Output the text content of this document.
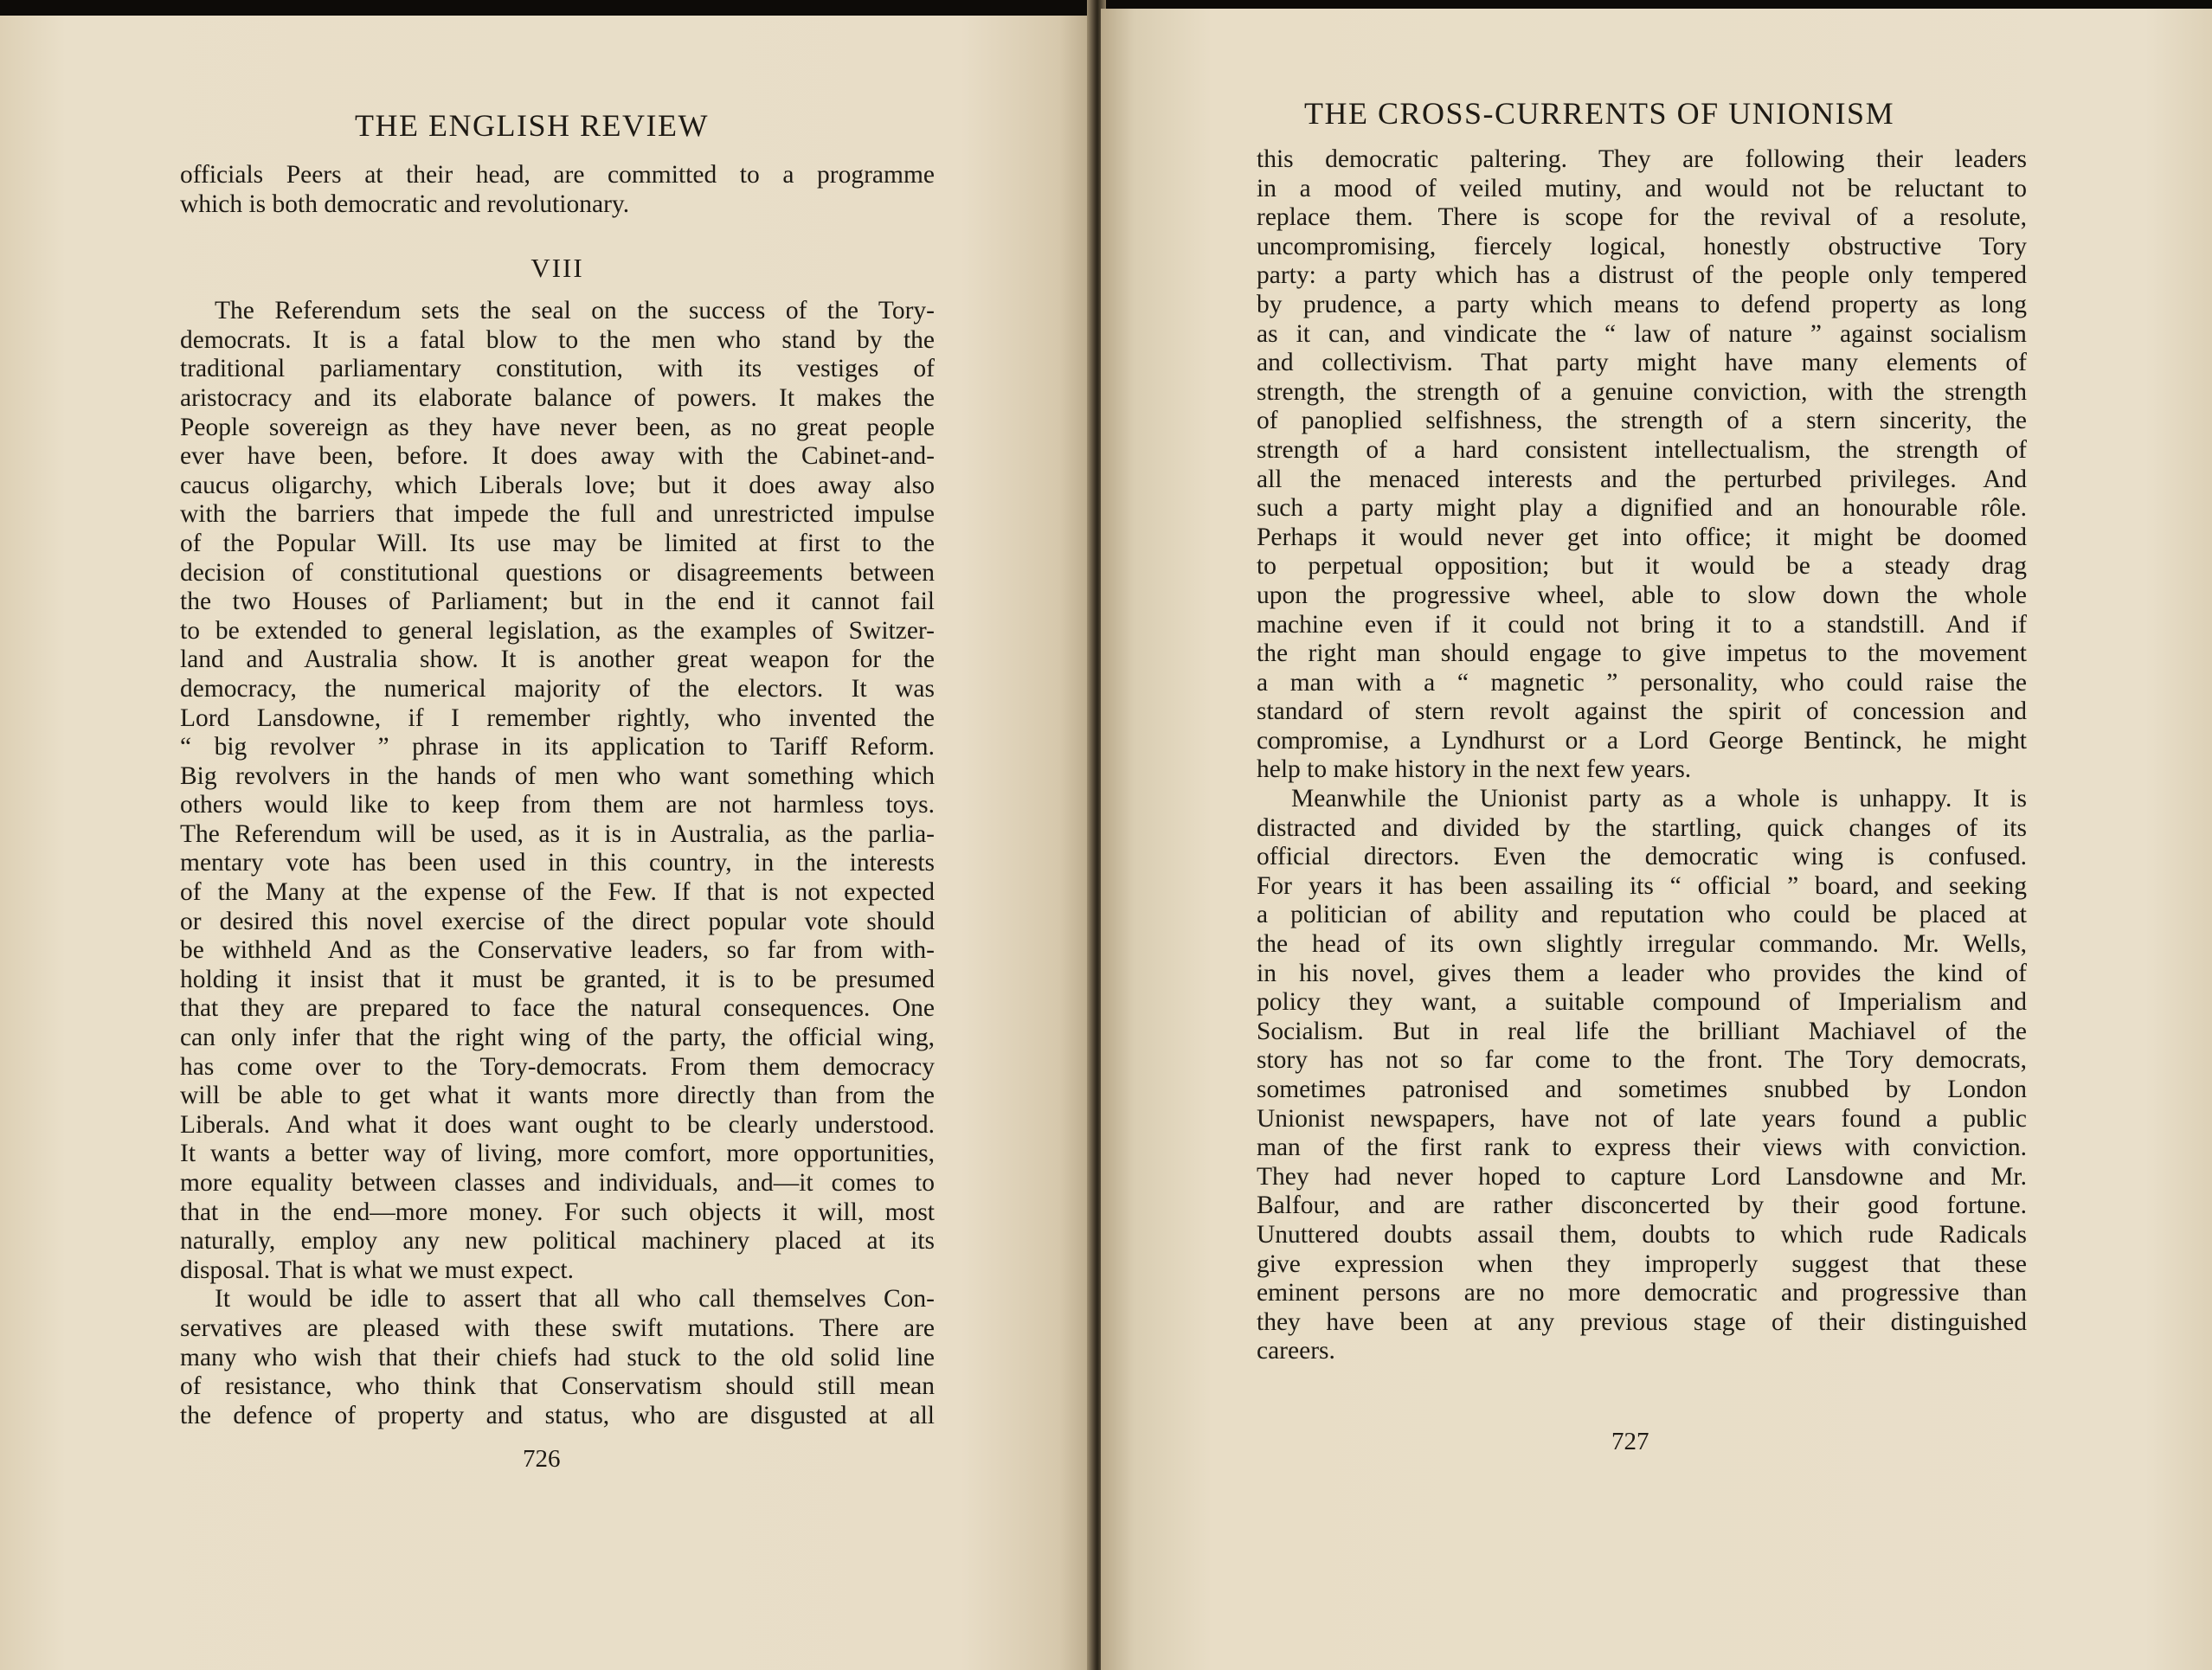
THE ENGLISH REVIEW
officials Peers at their head, are committed to a programme
which is both democratic and revolutionary.
VIII
The Referendum sets the seal on the success of the Tory-
democrats. It is a fatal blow to the men who stand by the
traditional parliamentary constitution, with its vestiges of
aristocracy and its elaborate balance of powers. It makes the
People sovereign as they have never been, as no great people
ever have been, before. It does away with the Cabinet-and-
caucus oligarchy, which Liberals love; but it does away also
with the barriers that impede the full and unrestricted impulse
of the Popular Will. Its use may be limited at first to the
decision of constitutional questions or disagreements between
the two Houses of Parliament; but in the end it cannot fail
to be extended to general legislation, as the examples of Switzer-
land and Australia show. It is another great weapon for the
democracy, the numerical majority of the electors. It was
Lord Lansdowne, if I remember rightly, who invented the
“ big revolver ” phrase in its application to Tariff Reform.
Big revolvers in the hands of men who want something which
others would like to keep from them are not harmless toys.
The Referendum will be used, as it is in Australia, as the parlia-
mentary vote has been used in this country, in the interests
of the Many at the expense of the Few. If that is not expected
or desired this novel exercise of the direct popular vote should
be withheld And as the Conservative leaders, so far from with-
holding it insist that it must be granted, it is to be presumed
that they are prepared to face the natural consequences. One
can only infer that the right wing of the party, the official wing,
has come over to the Tory-democrats. From them democracy
will be able to get what it wants more directly than from the
Liberals. And what it does want ought to be clearly understood.
It wants a better way of living, more comfort, more opportunities,
more equality between classes and individuals, and—it comes to
that in the end—more money. For such objects it will, most
naturally, employ any new political machinery placed at its
disposal. That is what we must expect.
It would be idle to assert that all who call themselves Con-
servatives are pleased with these swift mutations. There are
many who wish that their chiefs had stuck to the old solid line
of resistance, who think that Conservatism should still mean
the defence of property and status, who are disgusted at all
726
THE CROSS-CURRENTS OF UNIONISM
this democratic paltering. They are following their leaders
in a mood of veiled mutiny, and would not be reluctant to
replace them. There is scope for the revival of a resolute,
uncompromising, fiercely logical, honestly obstructive Tory
party: a party which has a distrust of the people only tempered
by prudence, a party which means to defend property as long
as it can, and vindicate the “ law of nature ” against socialism
and collectivism. That party might have many elements of
strength, the strength of a genuine conviction, with the strength
of panoplied selfishness, the strength of a stern sincerity, the
strength of a hard consistent intellectualism, the strength of
all the menaced interests and the perturbed privileges. And
such a party might play a dignified and an honourable rôle.
Perhaps it would never get into office; it might be doomed
to perpetual opposition; but it would be a steady drag
upon the progressive wheel, able to slow down the whole
machine even if it could not bring it to a standstill. And if
the right man should engage to give impetus to the movement
a man with a “ magnetic ” personality, who could raise the
standard of stern revolt against the spirit of concession and
compromise, a Lyndhurst or a Lord George Bentinck, he might
help to make history in the next few years.
Meanwhile the Unionist party as a whole is unhappy. It is
distracted and divided by the startling, quick changes of its
official directors. Even the democratic wing is confused.
For years it has been assailing its “ official ” board, and seeking
a politician of ability and reputation who could be placed at
the head of its own slightly irregular commando. Mr. Wells,
in his novel, gives them a leader who provides the kind of
policy they want, a suitable compound of Imperialism and
Socialism. But in real life the brilliant Machiavel of the
story has not so far come to the front. The Tory democrats,
sometimes patronised and sometimes snubbed by London
Unionist newspapers, have not of late years found a public
man of the first rank to express their views with conviction.
They had never hoped to capture Lord Lansdowne and Mr.
Balfour, and are rather disconcerted by their good fortune.
Unuttered doubts assail them, doubts to which rude Radicals
give expression when they improperly suggest that these
eminent persons are no more democratic and progressive than
they have been at any previous stage of their distinguished
careers.
727
